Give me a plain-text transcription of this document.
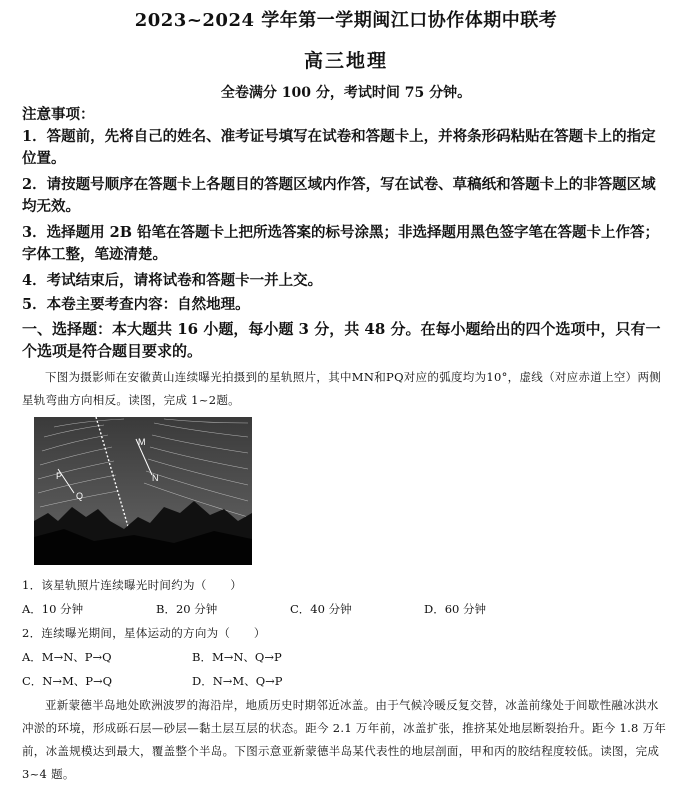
2023~2024 学年第一学期闽江口协作体期中联考
高三地理
全卷满分 100 分，考试时间 75 分钟。
注意事项：
1．答题前，先将自己的姓名、准考证号填写在试卷和答题卡上，并将条形码粘贴在答题卡上的指定位置。
2．请按题号顺序在答题卡上各题目的答题区域内作答，写在试卷、草稿纸和答题卡上的非答题区域均无效。
3．选择题用 2B 铅笔在答题卡上把所选答案的标号涂黑；非选择题用黑色签字笔在答题卡上作答；字体工整，笔迹清楚。
4．考试结束后，请将试卷和答题卡一并上交。
5．本卷主要考查内容：自然地理。
一、选择题：本大题共 16 小题，每小题 3 分，共 48 分。在每小题给出的四个选项中，只有一个选项是符合题目要求的。
下图为摄影师在安徽黄山连续曝光拍摄到的星轨照片，其中MN和PQ对应的弧度均为10°，虚线（对应赤道上空）两侧星轨弯曲方向相反。读图，完成 1~2题。
M
N
P
Q
1．该星轨照片连续曝光时间约为（　　）
A．10 分钟	B．20 分钟	C．40 分钟	D．60 分钟
2．连续曝光期间，星体运动的方向为（　　）
A．M→N、P→Q	B．M→N、Q→P
C．N→M、P→Q	D．N→M、Q→P
亚新蒙德半岛地处欧洲波罗的海沿岸，地质历史时期邻近冰盖。由于气候冷暖反复交替，冰盖前缘处于间歇性融冰洪水冲淤的环境，形成砾石层—砂层—黏土层互层的状态。距今 2.1 万年前，冰盖扩张，推挤某处地层断裂抬升。距今 1.8 万年前，冰盖规模达到最大，覆盖整个半岛。下图示意亚新蒙德半岛某代表性的地层剖面，甲和丙的胶结程度较低。读图，完成 3~4 题。
